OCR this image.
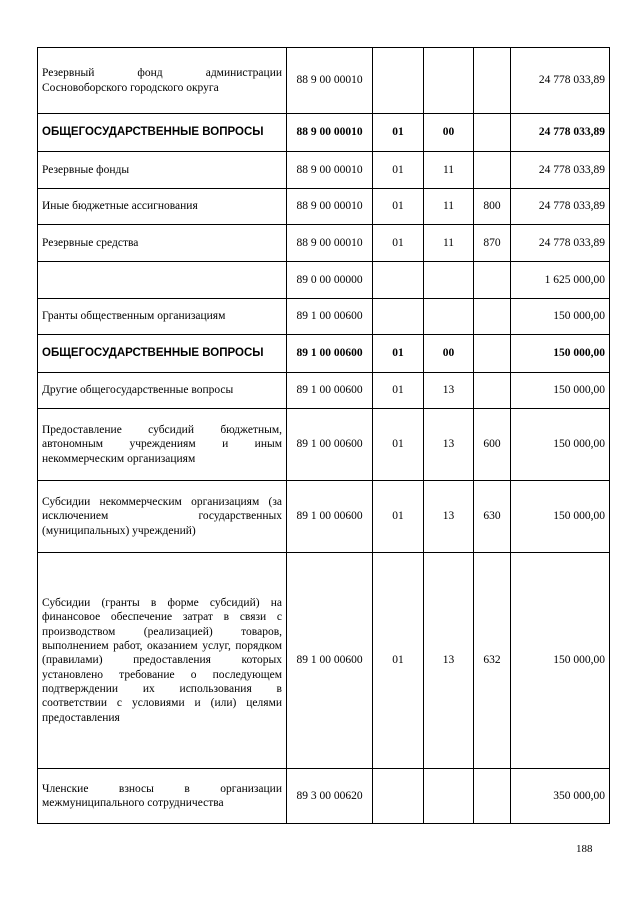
Резервный фонд администрации Сосновоборского городского округа	88 9 00 00010				24 778 033,89
ОБЩЕГОСУДАРСТВЕННЫЕ ВОПРОСЫ	88 9 00 00010	01	00		24 778 033,89
Резервные фонды	88 9 00 00010	01	11		24 778 033,89
Иные бюджетные ассигнования	88 9 00 00010	01	11	800	24 778 033,89
Резервные средства	88 9 00 00010	01	11	870	24 778 033,89
	89 0 00 00000				1 625 000,00
Гранты общественным организациям	89 1 00 00600				150 000,00
ОБЩЕГОСУДАРСТВЕННЫЕ ВОПРОСЫ	89 1 00 00600	01	00		150 000,00
Другие общегосударственные вопросы	89 1 00 00600	01	13		150 000,00
Предоставление субсидий бюджетным, автономным учреждениям и иным некоммерческим организациям	89 1 00 00600	01	13	600	150 000,00
Субсидии некоммерческим организациям (за исключением государственных (муниципальных) учреждений)	89 1 00 00600	01	13	630	150 000,00
Субсидии (гранты в форме субсидий) на финансовое обеспечение затрат в связи с производством (реализацией) товаров, выполнением работ, оказанием услуг, порядком (правилами) предоставления которых установлено требование о последующем подтверждении их использования в соответствии с условиями и (или) целями предоставления	89 1 00 00600	01	13	632	150 000,00
Членские взносы в организации межмуниципального сотрудничества	89 3 00 00620				350 000,00
188
